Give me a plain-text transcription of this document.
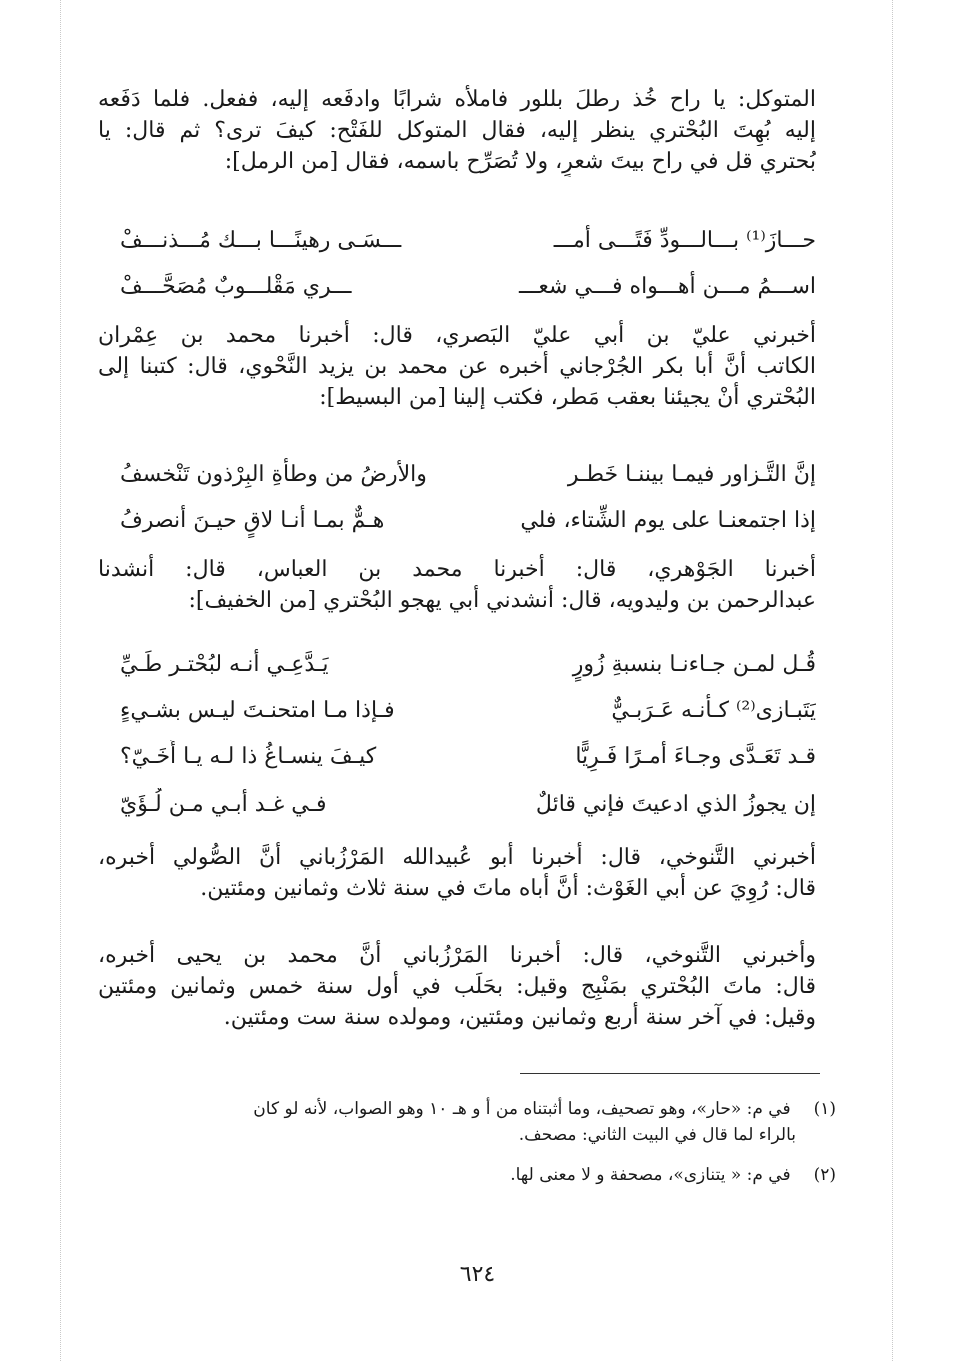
المتوكل: يا راح خُذ رطلَ بللور فاملأه شرابًا وادفَعه إليه، ففعل. فلما دَفَعه
إليه بُهِتَ البُحْتري ينظر إليه، فقال المتوكل للفَتْح: كيفَ ترى؟ ثم قال: يا
بُحتري قل في راح بيتَ شعرٍ، ولا تُصَرِّح باسمه، فقال [من الرمل]:

حـــازَ⁽¹⁾ بـــالـــودِّ فَتًـــى أمـــ
ـــسَـى رهينًـــا بـــك مُـــذنـــفْ
اســـمُ مـــن أهـــواه فـــي شعـــ
ـــري مَقْلـــوبٌ مُصَحَّـــفْ

أخبرني عليّ بن أبي عليّ البَصري، قال: أخبرنا محمد بن عِمْران
الكاتب أنَّ أبا بكر الجُرْجاني أخبره عن محمد بن يزيد النَّحْوي، قال: كتبنا إلى
البُحْتري أنْ يجيئنا بعقب مَطر، فكتب إلينا [من البسيط]:

إنَّ التَّـزاور فيمـا بيننـا خَطـر
والأرضُ من وطأةِ البِرْذون تَنْخسفُ
إذا اجتمعنـا على يوم الشِّتاء، فلي
هـمٌّ بمـا أنـا لاقٍ حيـنَ أنصرفُ

أخبرنا الجَوْهري، قال: أخبرنا محمد بن العباس، قال: أنشدنا
عبدالرحمن بن وليدويه، قال: أنشدني أبي يهجو البُحْتري [من الخفيف]:

قُـل لمـن جـاءنـا بنسبةِ زُورٍ
يَـدَّعِـي أنـه لبُحْتـر طَـيِّ
يَتَبـازى⁽²⁾ كـأنـه عَـرَبـيٌّ
فـإذا مـا امتحنـتَ ليـس بشـيءٍ
قـد تَعَـدَّى وجـاءَ أمـرًا فَـرِيًّا
كيـفَ ينسـاغُ ذا لـه يـا أُخَـيّ؟
إن يجوزُ الذي ادعيتَ فإني قائلٌ
فـي غـد أبـي مـن لُـؤَيّ

أخبرني التَّنوخي، قال: أخبرنا أبو عُبيدالله المَرْزُباني أنَّ الصُّولي أخبره،
قال: رُوِيَ عن أبي الغَوْث: أنَّ أباه ماتَ في سنة ثلاث وثمانين ومئتين.

وأخبرني التَّنوخي، قال: أخبرنا المَرْزُباني أنَّ محمد بن يحيى أخبره،
قال: ماتَ البُحْتري بمَنْبِج وقيل: بحَلَب في أول سنة خمس وثمانين ومئتين
وقيل: في آخر سنة أربع وثمانين ومئتين، ومولده سنة ست ومئتين.

(١) في م: «حار»، وهو تصحيف، وما أثبتناه من أ و هـ ١٠ وهو الصواب، لأنه لو كان
بالراء لما قال في البيت الثاني: مصحف.
(٢) في م: « يتنازى»، مصحفة و لا معنى لها.
٦٢٤
